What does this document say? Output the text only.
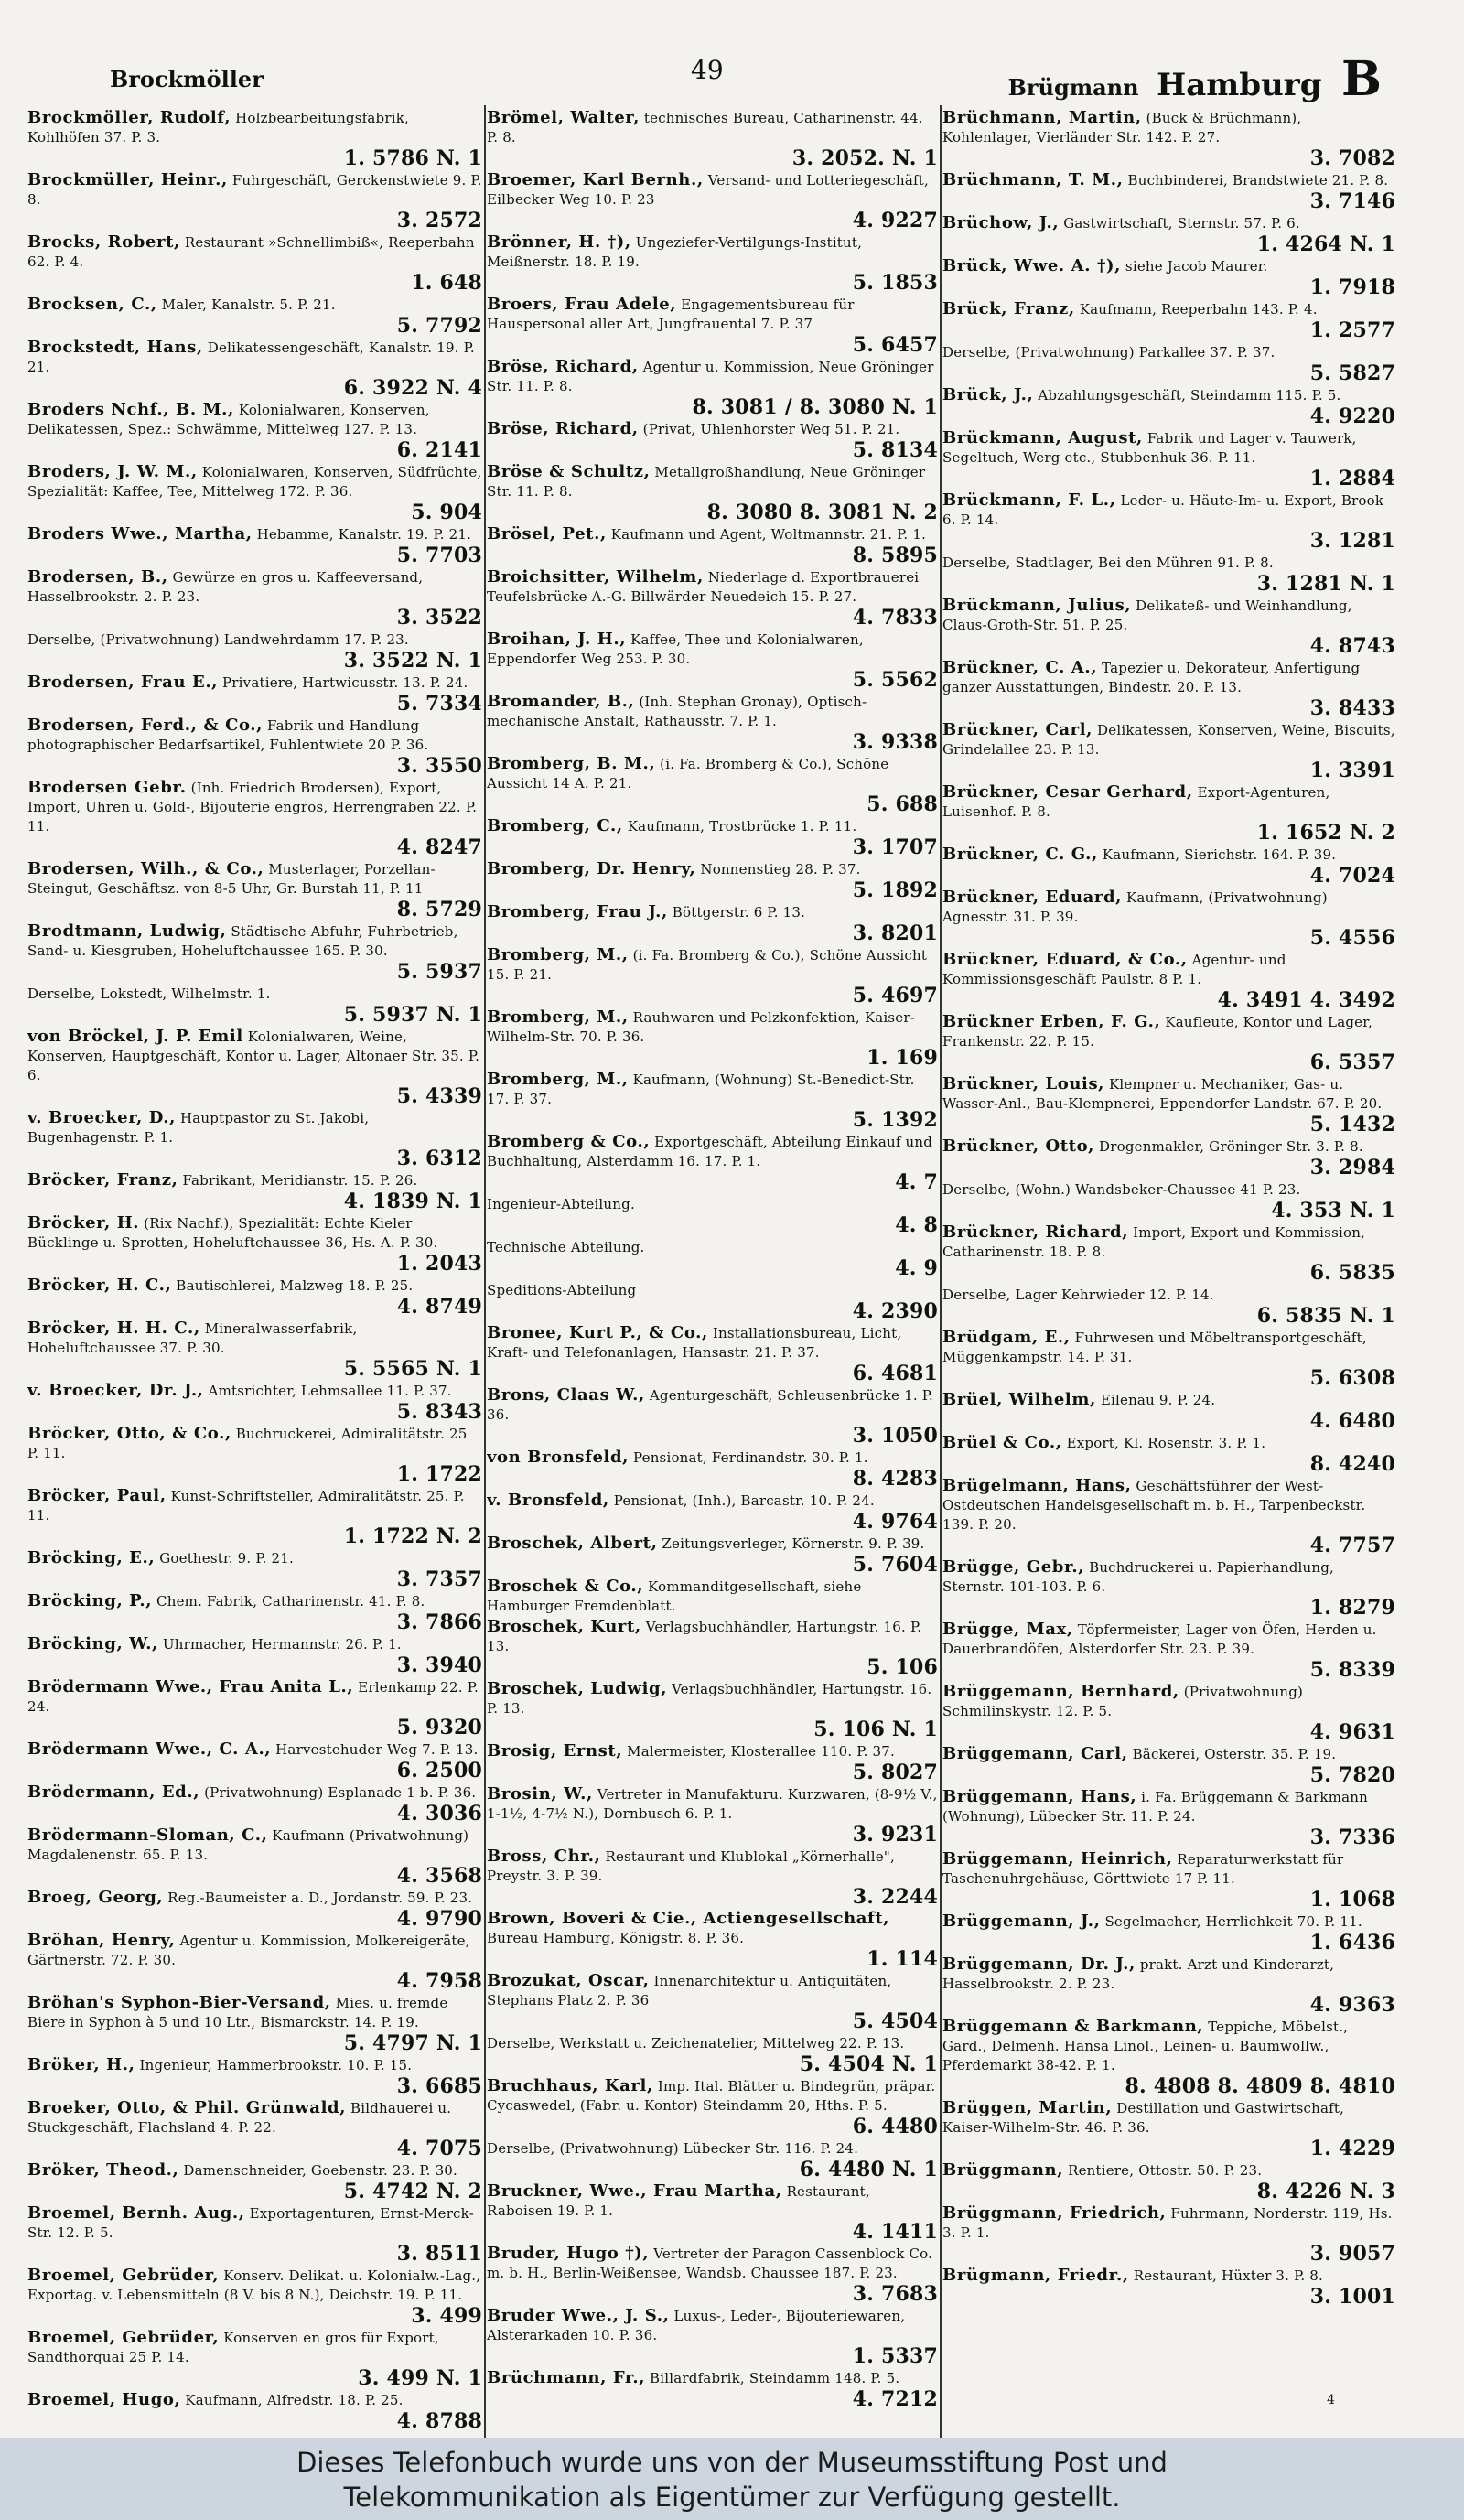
Brockmöller	49
Brügmann Hamburg B
Brockmöller, Rudolf, Holzbearbeitungsfabrik, Kohlhöfen 37. P. 3.
1. 5786 N. 1
Brockmüller, Heinr., Fuhrgeschäft, Gerckenstwiete 9. P. 8.
3. 2572
Brocks, Robert, Restaurant »Schnellimbiß«, Reeperbahn 62. P. 4.
1. 648
Brocksen, C., Maler, Kanalstr. 5. P. 21.
5. 7792
Brockstedt, Hans, Delikatessengeschäft, Kanalstr. 19. P. 21.
6. 3922 N. 4
Broders Nchf., B. M., Kolonialwaren, Konserven, Delikatessen, Spez.: Schwämme, Mittelweg 127. P. 13.
6. 2141
Broders, J. W. M., Kolonialwaren, Konserven, Südfrüchte, Spezialität: Kaffee, Tee, Mittelweg 172. P. 36.
5. 904
Broders Wwe., Martha, Hebamme, Kanalstr. 19. P. 21.
5. 7703
Brodersen, B., Gewürze en gros u. Kaffeeversand, Hasselbrookstr. 2. P. 23.
3. 3522
Derselbe, (Privatwohnung) Landwehrdamm 17. P. 23.
3. 3522 N. 1
Brodersen, Frau E., Privatiere, Hartwicusstr. 13. P. 24.
5. 7334
Brodersen, Ferd., & Co., Fabrik und Handlung photographischer Bedarfsartikel, Fuhlentwiete 20 P. 36.
3. 3550
Brodersen Gebr. (Inh. Friedrich Brodersen), Export, Import, Uhren u. Gold-, Bijouterie engros, Herrengraben 22. P. 11.
4. 8247
Brodersen, Wilh., & Co., Musterlager, Porzellan-Steingut, Geschäftsz. von 8-5 Uhr, Gr. Burstah 11, P. 11
8. 5729
Brodtmann, Ludwig, Städtische Abfuhr, Fuhrbetrieb, Sand- u. Kiesgruben, Hoheluftchaussee 165. P. 30.
5. 5937
Derselbe, Lokstedt, Wilhelmstr. 1.
5. 5937 N. 1
von Bröckel, J. P. Emil Kolonialwaren, Weine, Konserven, Hauptgeschäft, Kontor u. Lager, Altonaer Str. 35. P. 6.
5. 4339
v. Broecker, D., Hauptpastor zu St. Jakobi, Bugenhagenstr. P. 1.
3. 6312
Bröcker, Franz, Fabrikant, Meridianstr. 15. P. 26.
4. 1839 N. 1
Bröcker, H. (Rix Nachf.), Spezialität: Echte Kieler Bücklinge u. Sprotten, Hoheluftchaussee 36, Hs. A. P. 30.
1. 2043
Bröcker, H. C., Bautischlerei, Malzweg 18. P. 25.
4. 8749
Bröcker, H. H. C., Mineralwasserfabrik, Hoheluftchaussee 37. P. 30.
5. 5565 N. 1
v. Broecker, Dr. J., Amtsrichter, Lehmsallee 11. P. 37.
5. 8343
Bröcker, Otto, & Co., Buchruckerei, Admiralitätstr. 25 P. 11.
1. 1722
Bröcker, Paul, Kunst-Schriftsteller, Admiralitätstr. 25. P. 11.
1. 1722 N. 2
Bröcking, E., Goethestr. 9. P. 21.
3. 7357
Bröcking, P., Chem. Fabrik, Catharinenstr. 41. P. 8.
3. 7866
Bröcking, W., Uhrmacher, Hermannstr. 26. P. 1.
3. 3940
Brödermann Wwe., Frau Anita L., Erlenkamp 22. P. 24.
5. 9320
Brödermann Wwe., C. A., Harvestehuder Weg 7. P. 13.
6. 2500
Brödermann, Ed., (Privatwohnung) Esplanade 1 b. P. 36.
4. 3036
Brödermann-Sloman, C., Kaufmann (Privatwohnung) Magdalenenstr. 65. P. 13.
4. 3568
Broeg, Georg, Reg.-Baumeister a. D., Jordanstr. 59. P. 23.
4. 9790
Bröhan, Henry, Agentur u. Kommission, Molkereigeräte, Gärtnerstr. 72. P. 30.
4. 7958
Bröhan's Syphon-Bier-Versand, Mies. u. fremde Biere in Syphon à 5 und 10 Ltr., Bismarckstr. 14. P. 19.
5. 4797 N. 1
Bröker, H., Ingenieur, Hammerbrookstr. 10. P. 15.
3. 6685
Broeker, Otto, & Phil. Grünwald, Bildhauerei u. Stuckgeschäft, Flachsland 4. P. 22.
4. 7075
Bröker, Theod., Damenschneider, Goebenstr. 23. P. 30.
5. 4742 N. 2
Broemel, Bernh. Aug., Exportagenturen, Ernst-Merck-Str. 12. P. 5.
3. 8511
Broemel, Gebrüder, Konserv. Delikat. u. Kolonialw.-Lag., Exportag. v. Lebensmitteln (8 V. bis 8 N.), Deichstr. 19. P. 11.
3. 499
Broemel, Gebrüder, Konserven en gros für Export, Sandthorquai 25 P. 14.
3. 499 N. 1
Broemel, Hugo, Kaufmann, Alfredstr. 18. P. 25.
4. 8788
Brömel, Walter, technisches Bureau, Catharinenstr. 44. P. 8.
3. 2052. N. 1
Broemer, Karl Bernh., Versand- und Lotteriegeschäft, Eilbecker Weg 10. P. 23
4. 9227
Brönner, H. †), Ungeziefer-Vertilgungs-Institut, Meißnerstr. 18. P. 19.
5. 1853
Broers, Frau Adele, Engagementsbureau für Hauspersonal aller Art, Jungfrauental 7. P. 37
5. 6457
Bröse, Richard, Agentur u. Kommission, Neue Gröninger Str. 11. P. 8.
8. 3081 / 8. 3080 N. 1
Bröse, Richard, (Privat, Uhlenhorster Weg 51. P. 21.
5. 8134
Bröse & Schultz, Metallgroßhandlung, Neue Gröninger Str. 11. P. 8.
8. 3080 8. 3081 N. 2
Brösel, Pet., Kaufmann und Agent, Woltmannstr. 21. P. 1.
8. 5895
Broichsitter, Wilhelm, Niederlage d. Exportbrauerei Teufelsbrücke A.-G. Billwärder Neuedeich 15. P. 27.
4. 7833
Broihan, J. H., Kaffee, Thee und Kolonialwaren, Eppendorfer Weg 253. P. 30.
5. 5562
Bromander, B., (Inh. Stephan Gronay), Optisch-mechanische Anstalt, Rathausstr. 7. P. 1.
3. 9338
Bromberg, B. M., (i. Fa. Bromberg & Co.), Schöne Aussicht 14 A. P. 21.
5. 688
Bromberg, C., Kaufmann, Trostbrücke 1. P. 11.
3. 1707
Bromberg, Dr. Henry, Nonnenstieg 28. P. 37.
5. 1892
Bromberg, Frau J., Böttgerstr. 6 P. 13.
3. 8201
Bromberg, M., (i. Fa. Bromberg & Co.), Schöne Aussicht 15. P. 21.
5. 4697
Bromberg, M., Rauhwaren und Pelzkonfektion, Kaiser-Wilhelm-Str. 70. P. 36.
1. 169
Bromberg, M., Kaufmann, (Wohnung) St.-Benedict-Str. 17. P. 37.
5. 1392
Bromberg & Co., Exportgeschäft, Abteilung Einkauf und Buchhaltung, Alsterdamm 16. 17. P. 1.
4. 7
Ingenieur-Abteilung.
4. 8
Technische Abteilung.
4. 9
Speditions-Abteilung
4. 2390
Bronee, Kurt P., & Co., Installationsbureau, Licht, Kraft- und Telefonanlagen, Hansastr. 21. P. 37.
6. 4681
Brons, Claas W., Agenturgeschäft, Schleusenbrücke 1. P. 36.
3. 1050
von Bronsfeld, Pensionat, Ferdinandstr. 30. P. 1.
8. 4283
v. Bronsfeld, Pensionat, (Inh.), Barcastr. 10. P. 24.
4. 9764
Broschek, Albert, Zeitungsverleger, Körnerstr. 9. P. 39.
5. 7604
Broschek & Co., Kommanditgesellschaft, siehe Hamburger Fremdenblatt.
Broschek, Kurt, Verlagsbuchhändler, Hartungstr. 16. P. 13.
5. 106
Broschek, Ludwig, Verlagsbuchhändler, Hartungstr. 16. P. 13.
5. 106 N. 1
Brosig, Ernst, Malermeister, Klosterallee 110. P. 37.
5. 8027
Brosin, W., Vertreter in Manufakturu. Kurzwaren, (8-9½ V., 1-1½, 4-7½ N.), Dornbusch 6. P. 1.
3. 9231
Bross, Chr., Restaurant und Klublokal „Körnerhalle", Preystr. 3. P. 39.
3. 2244
Brown, Boveri & Cie., Actiengesellschaft, Bureau Hamburg, Königstr. 8. P. 36.
1. 114
Brozukat, Oscar, Innenarchitektur u. Antiquitäten, Stephans Platz 2. P. 36
5. 4504
Derselbe, Werkstatt u. Zeichenatelier, Mittelweg 22. P. 13.
5. 4504 N. 1
Bruchhaus, Karl, Imp. Ital. Blätter u. Bindegrün, präpar. Cycaswedel, (Fabr. u. Kontor) Steindamm 20, Hths. P. 5.
6. 4480
Derselbe, (Privatwohnung) Lübecker Str. 116. P. 24.
6. 4480 N. 1
Bruckner, Wwe., Frau Martha, Restaurant, Raboisen 19. P. 1.
4. 1411
Bruder, Hugo †), Vertreter der Paragon Cassenblock Co. m. b. H., Berlin-Weißensee, Wandsb. Chaussee 187. P. 23.
3. 7683
Bruder Wwe., J. S., Luxus-, Leder-, Bijouteriewaren, Alsterarkaden 10. P. 36.
1. 5337
Brüchmann, Fr., Billardfabrik, Steindamm 148. P. 5.
4. 7212
Brüchmann, Martin, (Buck & Brüchmann), Kohlenlager, Vierländer Str. 142. P. 27.
3. 7082
Brüchmann, T. M., Buchbinderei, Brandstwiete 21. P. 8.
3. 7146
Brüchow, J., Gastwirtschaft, Sternstr. 57. P. 6.
1. 4264 N. 1
Brück, Wwe. A. †), siehe Jacob Maurer.
1. 7918
Brück, Franz, Kaufmann, Reeperbahn 143. P. 4.
1. 2577
Derselbe, (Privatwohnung) Parkallee 37. P. 37.
5. 5827
Brück, J., Abzahlungsgeschäft, Steindamm 115. P. 5.
4. 9220
Brückmann, August, Fabrik und Lager v. Tauwerk, Segeltuch, Werg etc., Stubbenhuk 36. P. 11.
1. 2884
Brückmann, F. L., Leder- u. Häute-Im- u. Export, Brook 6. P. 14.
3. 1281
Derselbe, Stadtlager, Bei den Mühren 91. P. 8.
3. 1281 N. 1
Brückmann, Julius, Delikateß- und Weinhandlung, Claus-Groth-Str. 51. P. 25.
4. 8743
Brückner, C. A., Tapezier u. Dekorateur, Anfertigung ganzer Ausstattungen, Bindestr. 20. P. 13.
3. 8433
Brückner, Carl, Delikatessen, Konserven, Weine, Biscuits, Grindelallee 23. P. 13.
1. 3391
Brückner, Cesar Gerhard, Export-Agenturen, Luisenhof. P. 8.
1. 1652 N. 2
Brückner, C. G., Kaufmann, Sierichstr. 164. P. 39.
4. 7024
Brückner, Eduard, Kaufmann, (Privatwohnung) Agnesstr. 31. P. 39.
5. 4556
Brückner, Eduard, & Co., Agentur- und Kommissionsgeschäft Paulstr. 8 P. 1.
4. 3491 4. 3492
Brückner Erben, F. G., Kaufleute, Kontor und Lager, Frankenstr. 22. P. 15.
6. 5357
Brückner, Louis, Klempner u. Mechaniker, Gas- u. Wasser-Anl., Bau-Klempnerei, Eppendorfer Landstr. 67. P. 20.
5. 1432
Brückner, Otto, Drogenmakler, Gröninger Str. 3. P. 8.
3. 2984
Derselbe, (Wohn.) Wandsbeker-Chaussee 41 P. 23.
4. 353 N. 1
Brückner, Richard, Import, Export und Kommission, Catharinenstr. 18. P. 8.
6. 5835
Derselbe, Lager Kehrwieder 12. P. 14.
6. 5835 N. 1
Brüdgam, E., Fuhrwesen und Möbeltransportgeschäft, Müggenkampstr. 14. P. 31.
5. 6308
Brüel, Wilhelm, Eilenau 9. P. 24.
4. 6480
Brüel & Co., Export, Kl. Rosenstr. 3. P. 1.
8. 4240
Brügelmann, Hans, Geschäftsführer der West-Ostdeutschen Handelsgesellschaft m. b. H., Tarpenbeckstr. 139. P. 20.
4. 7757
Brügge, Gebr., Buchdruckerei u. Papierhandlung, Sternstr. 101-103. P. 6.
1. 8279
Brügge, Max, Töpfermeister, Lager von Öfen, Herden u. Dauerbrandöfen, Alsterdorfer Str. 23. P. 39.
5. 8339
Brüggemann, Bernhard, (Privatwohnung) Schmilinskystr. 12. P. 5.
4. 9631
Brüggemann, Carl, Bäckerei, Osterstr. 35. P. 19.
5. 7820
Brüggemann, Hans, i. Fa. Brüggemann & Barkmann (Wohnung), Lübecker Str. 11. P. 24.
3. 7336
Brüggemann, Heinrich, Reparaturwerkstatt für Taschenuhrgehäuse, Görttwiete 17 P. 11.
1. 1068
Brüggemann, J., Segelmacher, Herrlichkeit 70. P. 11.
1. 6436
Brüggemann, Dr. J., prakt. Arzt und Kinderarzt, Hasselbrookstr. 2. P. 23.
4. 9363
Brüggemann & Barkmann, Teppiche, Möbelst., Gard., Delmenh. Hansa Linol., Leinen- u. Baumwollw., Pferdemarkt 38-42. P. 1.
8. 4808 8. 4809 8. 4810
Brüggen, Martin, Destillation und Gastwirtschaft, Kaiser-Wilhelm-Str. 46. P. 36.
1. 4229
Brüggmann, Rentiere, Ottostr. 50. P. 23.
8. 4226 N. 3
Brüggmann, Friedrich, Fuhrmann, Norderstr. 119, Hs. 3. P. 1.
3. 9057
Brügmann, Friedr., Restaurant, Hüxter 3. P. 8.
3. 1001
4
Dieses Telefonbuch wurde uns von der Museumsstiftung Post und
Telekommunikation als Eigentümer zur Verfügung gestellt.
